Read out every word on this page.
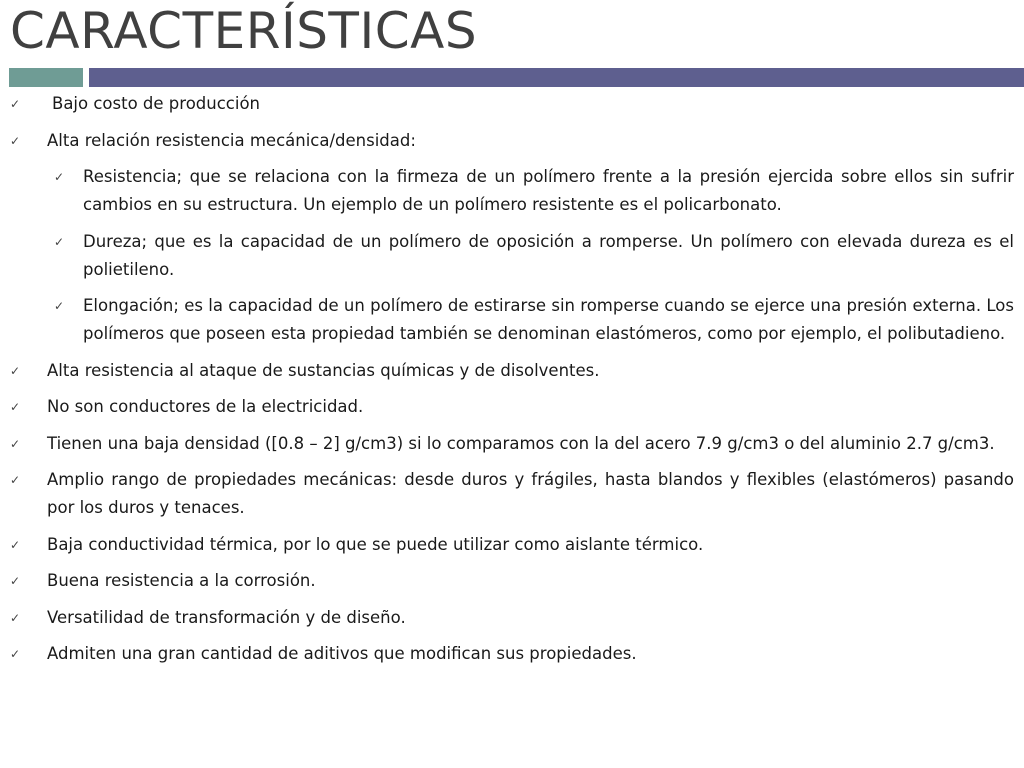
CARACTERÍSTICAS
✓	Bajo costo de producción
✓ Alta relación resistencia mecánica/densidad:
✓ Resistencia; que se relaciona con la firmeza de un polímero frente a la presión ejercida sobre ellos sin sufrir cambios en su estructura. Un ejemplo de un polímero resistente es el policarbonato.
✓ Dureza; que es la capacidad de un polímero de oposición a romperse. Un polímero con elevada dureza es el polietileno.
✓ Elongación; es la capacidad de un polímero de estirarse sin romperse cuando se ejerce una presión externa. Los polímeros que poseen esta propiedad también se denominan elastómeros, como por ejemplo, el polibutadieno.
✓ Alta resistencia al ataque de sustancias químicas y de disolventes.
✓ No son conductores de la electricidad.
✓ Tienen una baja densidad ([0.8 – 2] g/cm3) si lo comparamos con la del acero 7.9 g/cm3 o del aluminio 2.7 g/cm3.
✓ Amplio rango de propiedades mecánicas: desde duros y frágiles, hasta blandos y flexibles (elastómeros) pasando por los duros y tenaces.
✓ Baja conductividad térmica, por lo que se puede utilizar como aislante térmico.
✓ Buena resistencia a la corrosión.
✓ Versatilidad de transformación y de diseño.
✓ Admiten una gran cantidad de aditivos que modifican sus propiedades.
